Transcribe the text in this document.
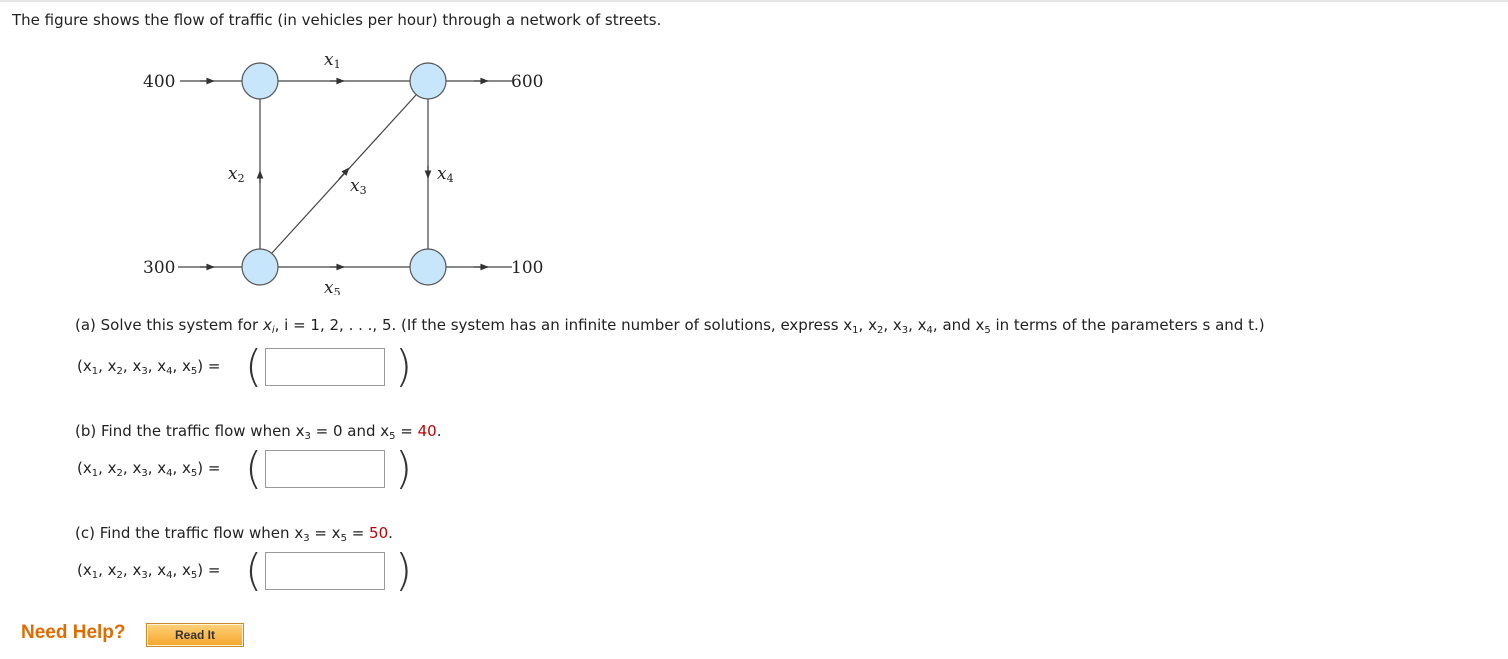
The figure shows the flow of traffic (in vehicles per hour) through a network of streets.
400
300
600
100
x1
x2	x3
x4
x5
(a) Solve this system for $x_i$, i = 1, 2, . . ., 5. (If the system has an infinite number of solutions, express $x_1$, $x_2$, $x_3$, $x_4$, and $x_5$ in terms of the parameters s and t.)
($x_1$, $x_2$, $x_3$, $x_4$, $x_5$) = (	)
(b) Find the traffic flow when $x_3 = 0$ and $x_5 = 40$.
($x_1$, $x_2$, $x_3$, $x_4$, $x_5$) = (	)
(c) Find the traffic flow when $x_3 = x_5 = 50$.
($x_1$, $x_2$, $x_3$, $x_4$, $x_5$) = (	)
Need Help?	Read It
